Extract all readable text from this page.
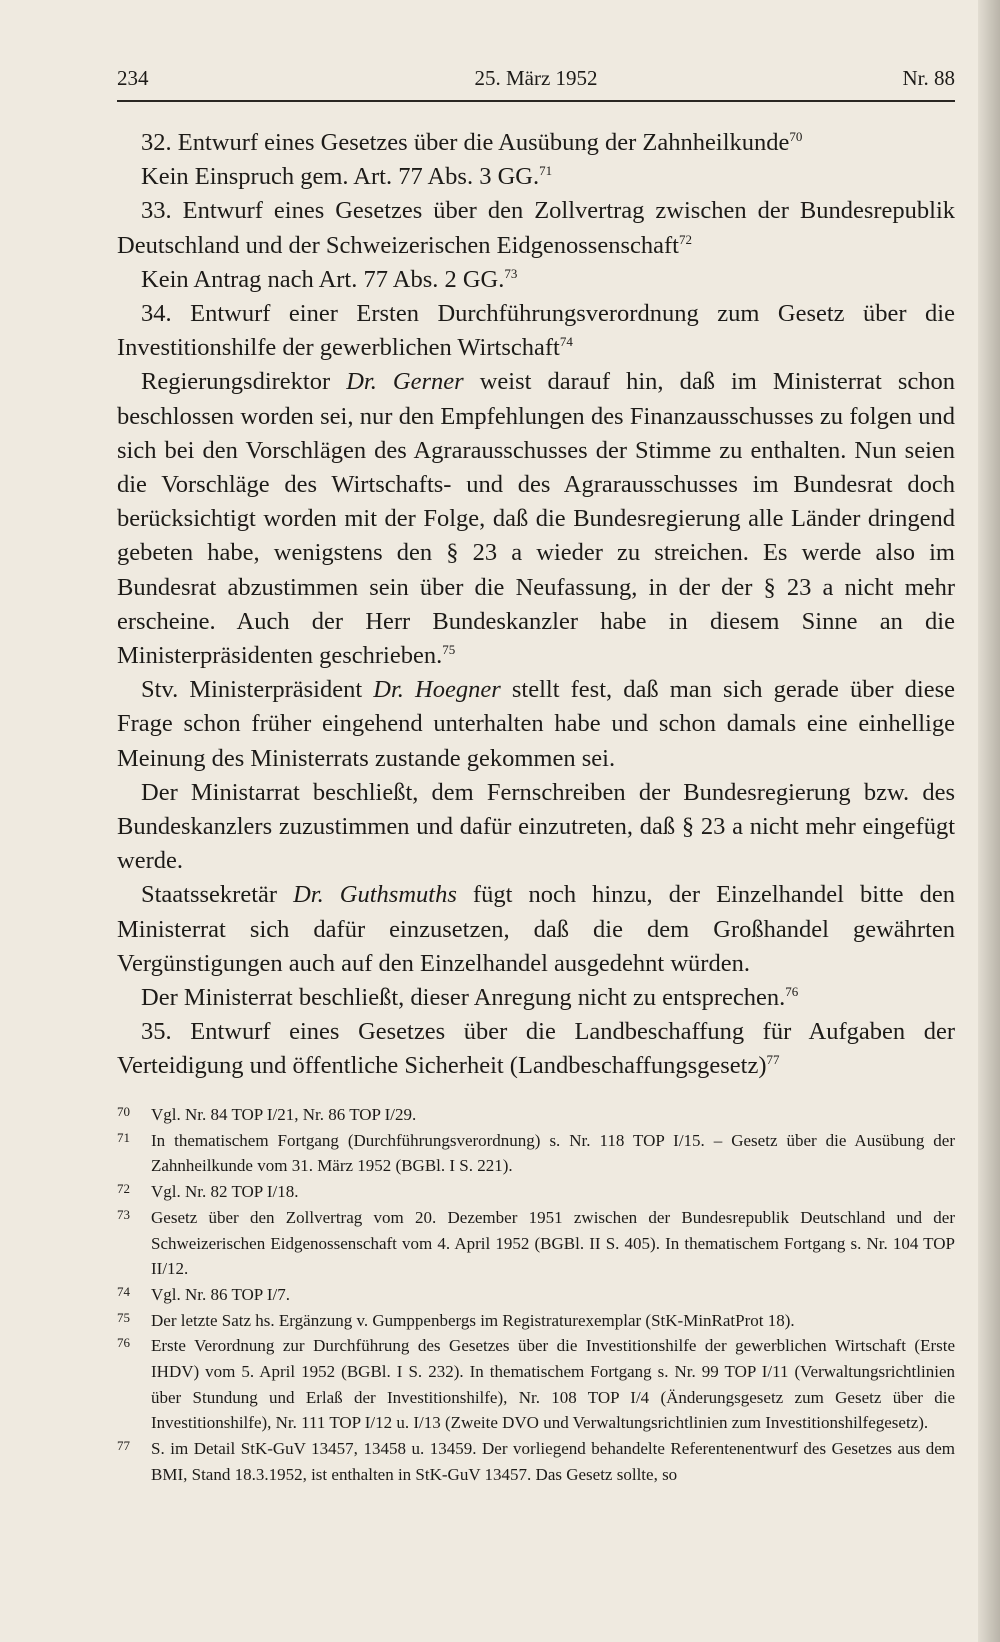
234	25. März 1952	Nr. 88

32. Entwurf eines Gesetzes über die Ausübung der Zahnheilkunde$^{70}$

Kein Einspruch gem. Art. 77 Abs. 3 GG.$^{71}$

33. Entwurf eines Gesetzes über den Zollvertrag zwischen der Bundesrepublik Deutschland und der Schweizerischen Eidgenossenschaft$^{72}$

Kein Antrag nach Art. 77 Abs. 2 GG.$^{73}$

34. Entwurf einer Ersten Durchführungsverordnung zum Gesetz über die Investitionshilfe der gewerblichen Wirtschaft$^{74}$

Regierungsdirektor Dr. Gerner weist darauf hin, daß im Ministerrat schon beschlossen worden sei, nur den Empfehlungen des Finanzausschusses zu folgen und sich bei den Vorschlägen des Agrarausschusses der Stimme zu enthalten. Nun seien die Vorschläge des Wirtschafts- und des Agrarausschusses im Bundesrat doch berücksichtigt worden mit der Folge, daß die Bundesregierung alle Länder dringend gebeten habe, wenigstens den § 23 a wieder zu streichen. Es werde also im Bundesrat abzustimmen sein über die Neufassung, in der der § 23 a nicht mehr erscheine. Auch der Herr Bundeskanzler habe in diesem Sinne an die Ministerpräsidenten geschrieben.$^{75}$

Stv. Ministerpräsident Dr. Hoegner stellt fest, daß man sich gerade über diese Frage schon früher eingehend unterhalten habe und schon damals eine einhellige Meinung des Ministerrats zustande gekommen sei.

Der Ministarrat beschließt, dem Fernschreiben der Bundesregierung bzw. des Bundeskanzlers zuzustimmen und dafür einzutreten, daß § 23 a nicht mehr eingefügt werde.

Staatssekretär Dr. Guthsmuths fügt noch hinzu, der Einzelhandel bitte den Ministerrat sich dafür einzusetzen, daß die dem Großhandel gewährten Vergünstigungen auch auf den Einzelhandel ausgedehnt würden.

Der Ministerrat beschließt, dieser Anregung nicht zu entsprechen.$^{76}$

35. Entwurf eines Gesetzes über die Landbeschaffung für Aufgaben der Verteidigung und öffentliche Sicherheit (Landbeschaffungsgesetz)$^{77}$

70 Vgl. Nr. 84 TOP I/21, Nr. 86 TOP I/29.
71 In thematischem Fortgang (Durchführungsverordnung) s. Nr. 118 TOP I/15. – Gesetz über die Ausübung der Zahnheilkunde vom 31. März 1952 (BGBl. I S. 221).
72 Vgl. Nr. 82 TOP I/18.
73 Gesetz über den Zollvertrag vom 20. Dezember 1951 zwischen der Bundesrepublik Deutschland und der Schweizerischen Eidgenossenschaft vom 4. April 1952 (BGBl. II S. 405). In thematischem Fortgang s. Nr. 104 TOP II/12.
74 Vgl. Nr. 86 TOP I/7.
75 Der letzte Satz hs. Ergänzung v. Gumppenbergs im Registraturexemplar (StK-MinRatProt 18).
76 Erste Verordnung zur Durchführung des Gesetzes über die Investitionshilfe der gewerblichen Wirtschaft (Erste IHDV) vom 5. April 1952 (BGBl. I S. 232). In thematischem Fortgang s. Nr. 99 TOP I/11 (Verwaltungsrichtlinien über Stundung und Erlaß der Investitionshilfe), Nr. 108 TOP I/4 (Änderungsgesetz zum Gesetz über die Investitionshilfe), Nr. 111 TOP I/12 u. I/13 (Zweite DVO und Verwaltungsrichtlinien zum Investitionshilfegesetz).
77 S. im Detail StK-GuV 13457, 13458 u. 13459. Der vorliegend behandelte Referentenentwurf des Gesetzes aus dem BMI, Stand 18.3.1952, ist enthalten in StK-GuV 13457. Das Gesetz sollte, so
